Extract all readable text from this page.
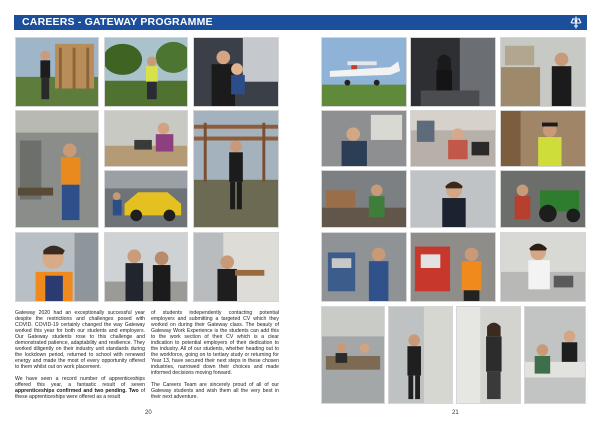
CAREERS - GATEWAY PROGRAMME

Gateway 2020 had an exceptionally successful year despite the restrictions and challenges posed with COVID. COVID-19 certainly changed the way Gateway worked this year for both our students and employers. Our Gateway students rose to this challenge and demonstrated patience, adaptability and resilience. They worked diligently on their industry unit standards during the lockdown period, returned to school with renewed energy and made the most of every opportunity offered to them whilst out on work placement.

We have seen a record number of apprenticeships offered this year, a fantastic result of seven apprenticeships confirmed and two pending. Two of these apprenticeships were offered as a result

of students independently contacting potential employers and submitting a targeted CV which they worked on during their Gateway class. The beauty of Gateway Work Experience is the students can add this to the work section of their CV which is a clear indication to potential employers of their dedication to the industry. All of our students, whether heading out to the workforce, going on to tertiary study or returning for Year 13, have secured their next steps in these chosen industries, narrowed down their choices and made informed decisions moving forward.

The Careers Team are sincerely proud of all of our Gateway students and wish them all the very best in their next adventure.

20	21
